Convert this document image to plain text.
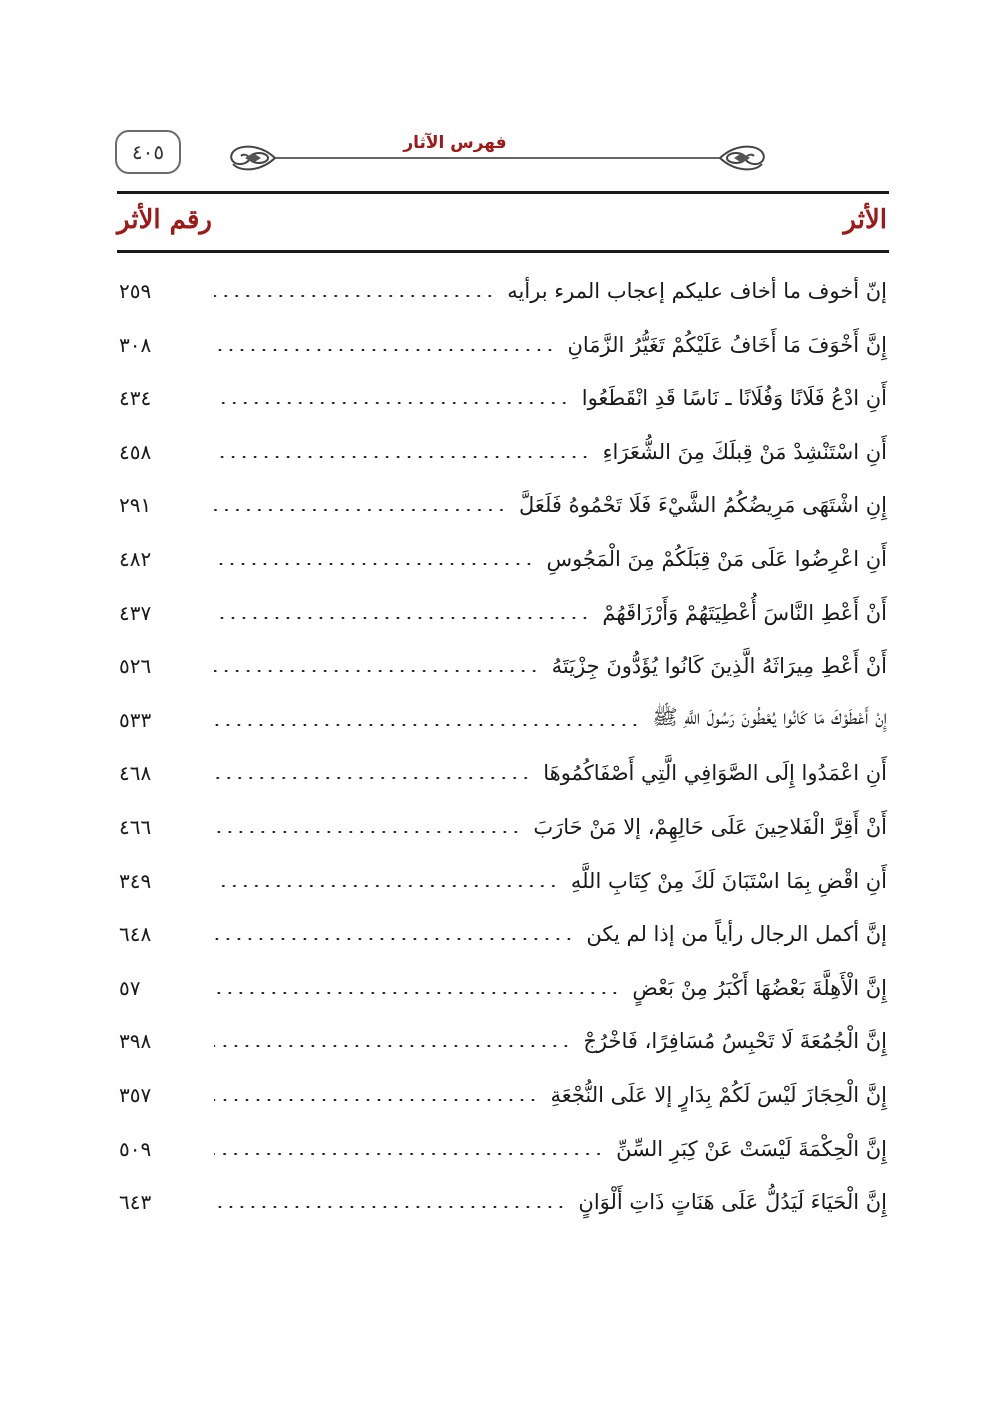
٤٠٥	فهرس الآثار
رقم الأثر	الأثر
إنّ أخوف ما أخاف عليكم إعجاب المرء برأيه
٢٥٩
إِنَّ أَخْوَفَ مَا أَخَافُ عَلَيْكُمْ تَغَيُّرُ الزَّمَانِ
٣٠٨
أَنِ ادْعُ فَلَانًا وَفُلَانًا ـ نَاسًا قَدِ انْقَطَعُوا
٤٣٤
أَنِ اسْتَنْشِدْ مَنْ قِبلَكَ مِنَ الشُّعَرَاءِ
٤٥٨
إِنِ اشْتَهَى مَرِيضُكُمُ الشَّيْءَ فَلَا تَحْمُوهُ فَلَعَلَّ
٢٩١
أَنِ اعْرِضُوا عَلَى مَنْ قِبَلَكُمْ مِنَ الْمَجُوسِ
٤٨٢
أَنْ أَعْطِ النَّاسَ أُعْطِيَتَهُمْ وَأَرْزَاقَهُمْ
٤٣٧
أَنْ أَعْطِ مِيرَاثَهُ الَّذِينَ كَانُوا يُؤَدُّونَ جِزْيَتَهُ
٥٢٦
إِنْ أَعْطَوْكَ مَا كَانُوا يُعْطُونَ رَسُولَ اللَّهِ ﷺ
٥٣٣
أَنِ اعْمَدُوا إِلَى الصَّوَافِي الَّتِي أَصْفَاكُمُوهَا
٤٦٨
أَنْ أَقِرَّ الْفَلاحِينَ عَلَى حَالِهِمْ، إلا مَنْ حَارَبَ
٤٦٦
أَنِ اقْضِ بِمَا اسْتَبَانَ لَكَ مِنْ كِتَابِ اللَّهِ
٣٤٩
إنَّ أكمل الرجال رأياً من إذا لم يكن
٦٤٨
إِنَّ الْأَهِلَّةَ بَعْضُهَا أَكْبَرُ مِنْ بَعْضٍ
٥٧
إِنَّ الْجُمُعَةَ لَا تَحْبِسُ مُسَافِرًا، فَاخْرُجْ
٣٩٨
إِنَّ الْحِجَازَ لَيْسَ لَكُمْ بِدَارٍ إلا عَلَى النُّجْعَةِ
٣٥٧
إِنَّ الْحِكْمَةَ لَيْسَتْ عَنْ كِبَرِ السِّنِّ
٥٠٩
إِنَّ الْحَيَاءَ لَيَدُلُّ عَلَى هَنَاتٍ ذَاتِ أَلْوَانٍ
٦٤٣
